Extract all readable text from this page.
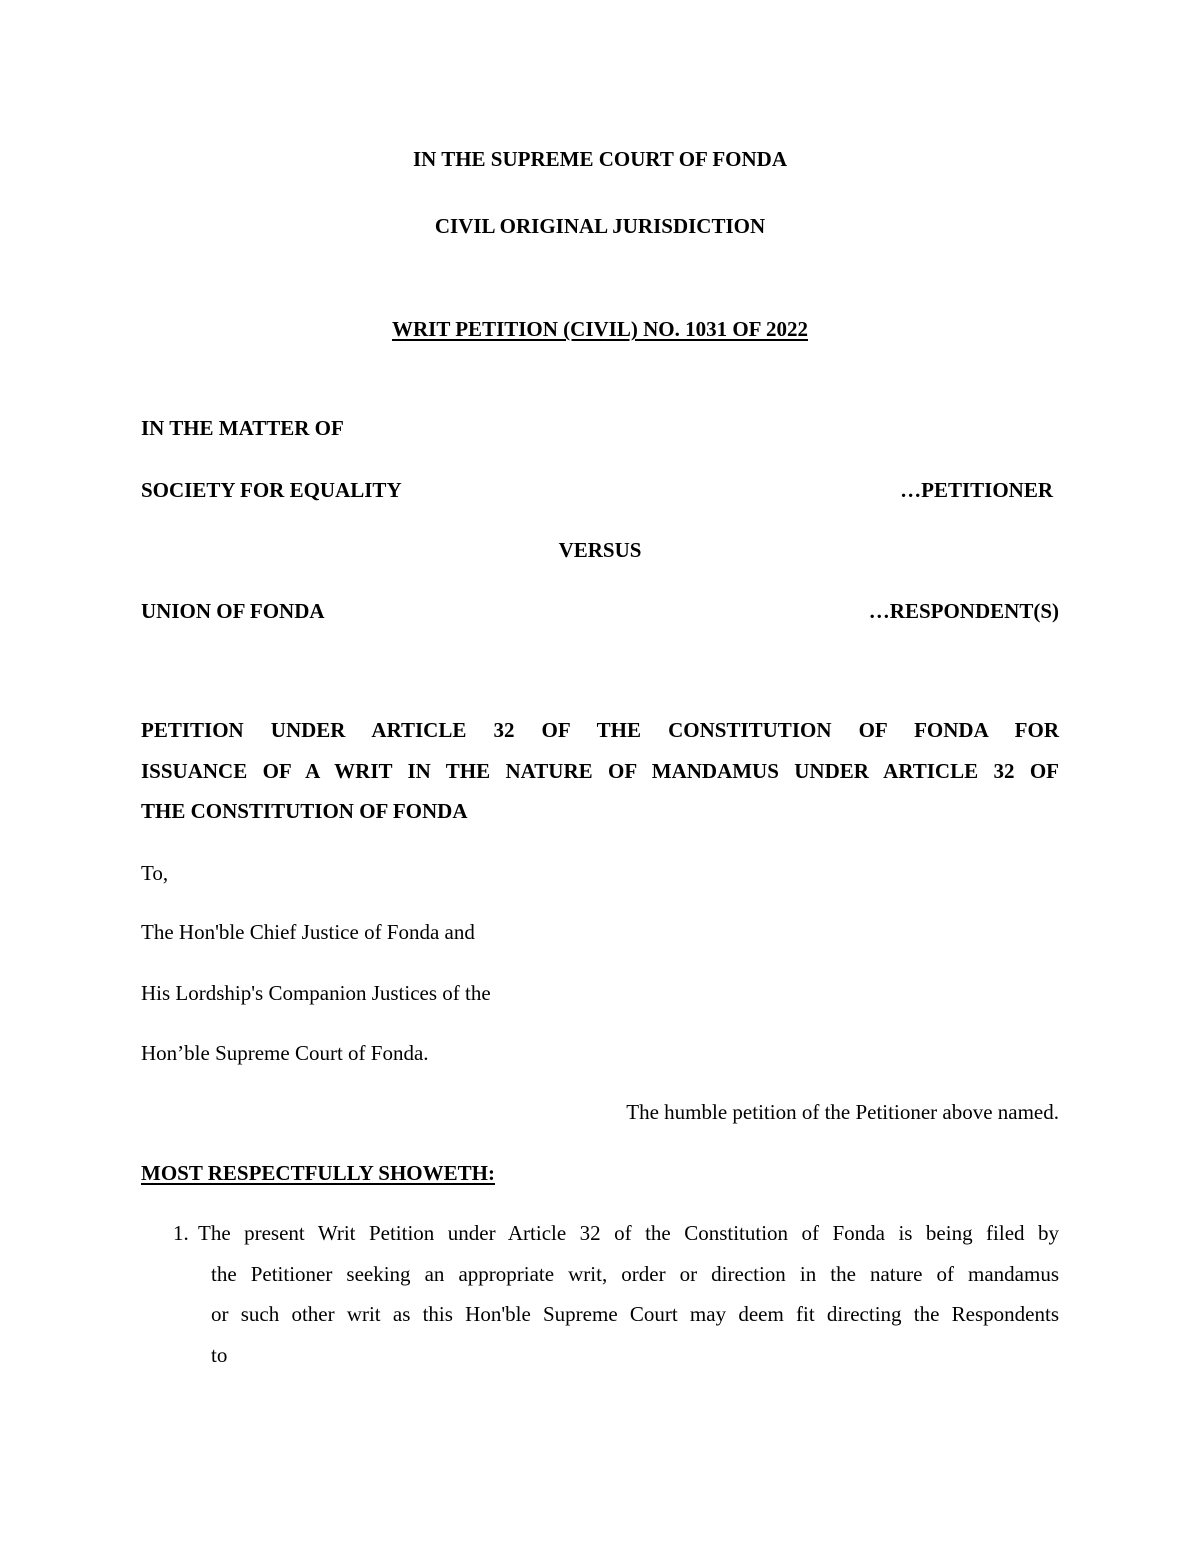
IN THE SUPREME COURT OF FONDA
CIVIL ORIGINAL JURISDICTION
WRIT PETITION (CIVIL) NO. 1031 OF 2022
IN THE MATTER OF
SOCIETY FOR EQUALITY	…PETITIONER
VERSUS
UNION OF FONDA	…RESPONDENT(S)
PETITION UNDER ARTICLE 32 OF THE CONSTITUTION OF FONDA FOR
ISSUANCE OF A WRIT IN THE NATURE OF MANDAMUS UNDER ARTICLE 32 OF
THE CONSTITUTION OF FONDA
To,
The Hon'ble Chief Justice of Fonda and
His Lordship's Companion Justices of the
Hon’ble Supreme Court of Fonda.
The humble petition of the Petitioner above named.
MOST RESPECTFULLY SHOWETH:
1. The present Writ Petition under Article 32 of the Constitution of Fonda is being filed by
the Petitioner seeking an appropriate writ, order or direction in the nature of mandamus
or such other writ as this Hon'ble Supreme Court may deem fit directing the Respondents
to
